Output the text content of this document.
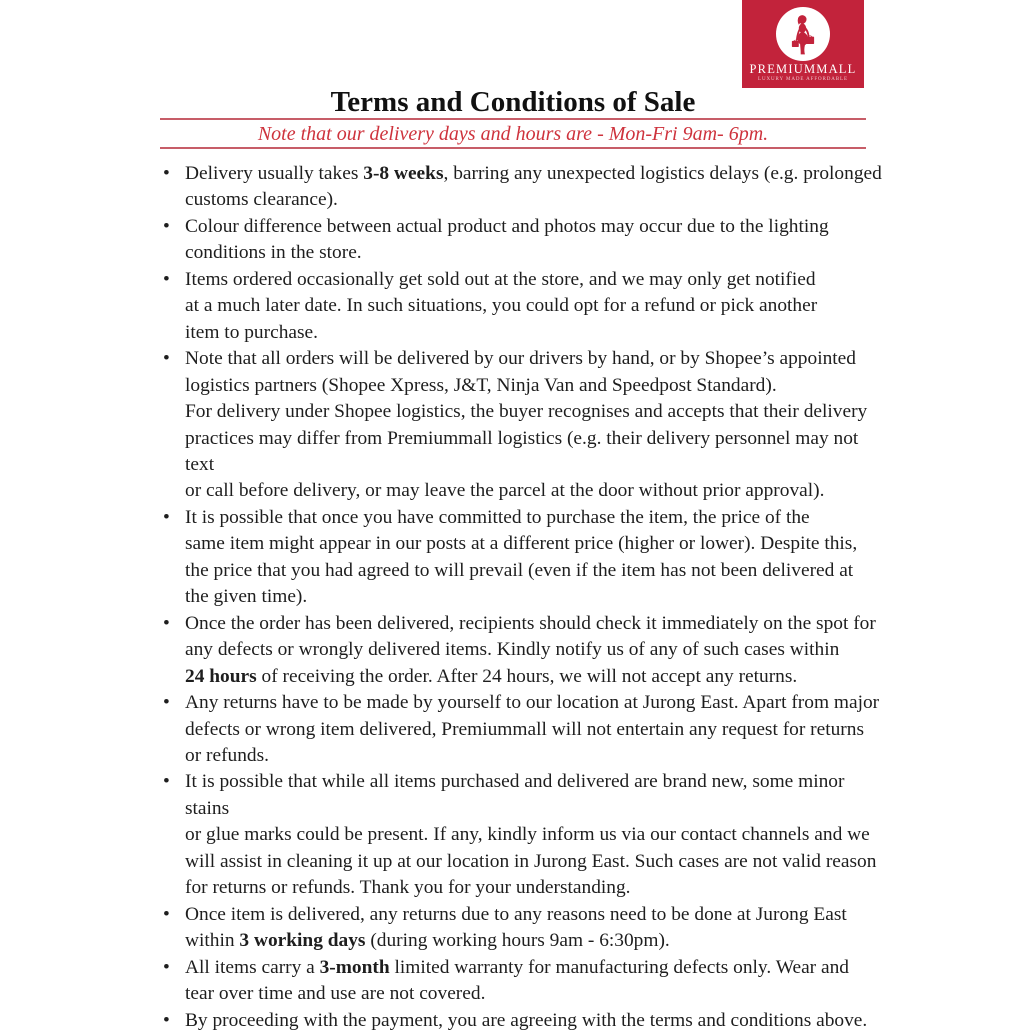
PREMIUMMALL
LUXURY MADE AFFORDABLE
Terms and Conditions of Sale
Note that our delivery days and hours are - Mon-Fri 9am- 6pm.
• Delivery usually takes 3-8 weeks, barring any unexpected logistics delays (e.g. prolonged
customs clearance).
• Colour difference between actual product and photos may occur due to the lighting
conditions in the store.
• Items ordered occasionally get sold out at the store, and we may only get notified
at a much later date. In such situations, you could opt for a refund or pick another
item to purchase.
• Note that all orders will be delivered by our drivers by hand, or by Shopee’s appointed
logistics partners (Shopee Xpress, J&T, Ninja Van and Speedpost Standard).
For delivery under Shopee logistics, the buyer recognises and accepts that their delivery
practices may differ from Premiummall logistics (e.g. their delivery personnel may not text
or call before delivery, or may leave the parcel at the door without prior approval).
• It is possible that once you have committed to purchase the item, the price of the
same item might appear in our posts at a different price (higher or lower). Despite this,
the price that you had agreed to will prevail (even if the item has not been delivered at
the given time).
• Once the order has been delivered, recipients should check it immediately on the spot for
any defects or wrongly delivered items. Kindly notify us of any of such cases within
24 hours of receiving the order. After 24 hours, we will not accept any returns.
• Any returns have to be made by yourself to our location at Jurong East. Apart from major
defects or wrong item delivered, Premiummall will not entertain any request for returns
or refunds.
• It is possible that while all items purchased and delivered are brand new, some minor stains
or glue marks could be present. If any, kindly inform us via our contact channels and we
will assist in cleaning it up at our location in Jurong East. Such cases are not valid reason
for returns or refunds. Thank you for your understanding.
• Once item is delivered, any returns due to any reasons need to be done at Jurong East
within 3 working days (during working hours 9am - 6:30pm).
• All items carry a 3-month limited warranty for manufacturing defects only. Wear and
tear over time and use are not covered.
• By proceeding with the payment, you are agreeing with the terms and conditions above.
